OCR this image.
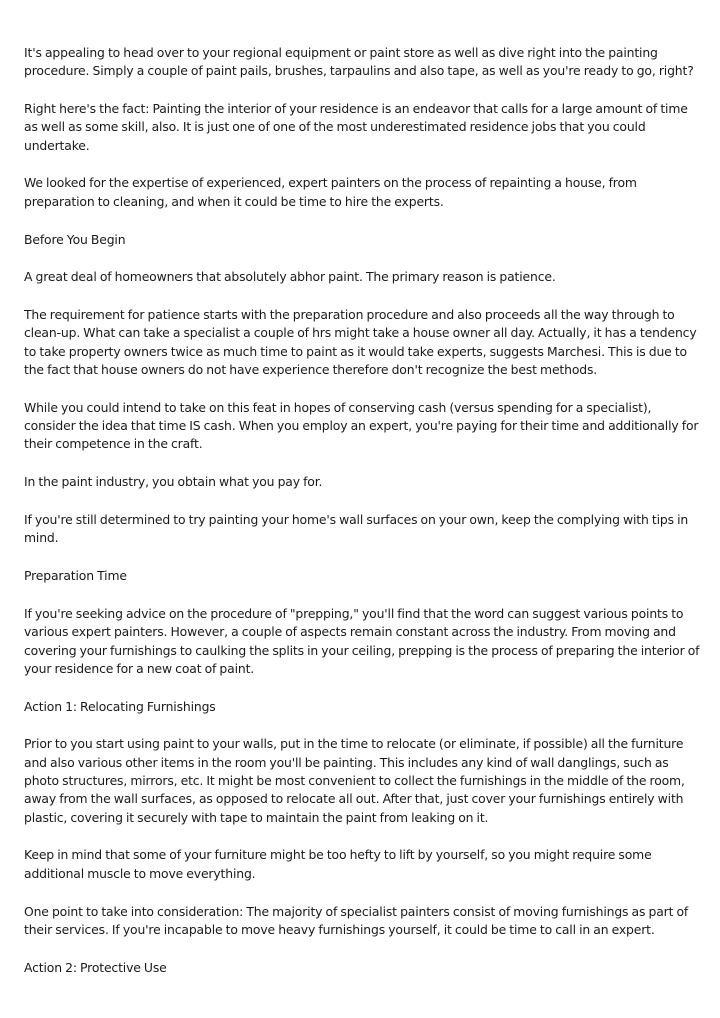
It's appealing to head over to your regional equipment or paint store as well as dive right into the painting procedure. Simply a couple of paint pails, brushes, tarpaulins and also tape, as well as you're ready to go, right?

Right here's the fact: Painting the interior of your residence is an endeavor that calls for a large amount of time as well as some skill, also. It is just one of one of the most underestimated residence jobs that you could undertake.

We looked for the expertise of experienced, expert painters on the process of repainting a house, from preparation to cleaning, and when it could be time to hire the experts.

Before You Begin

A great deal of homeowners that absolutely abhor paint. The primary reason is patience.

The requirement for patience starts with the preparation procedure and also proceeds all the way through to clean-up. What can take a specialist a couple of hrs might take a house owner all day. Actually, it has a tendency to take property owners twice as much time to paint as it would take experts, suggests Marchesi. This is due to the fact that house owners do not have experience therefore don't recognize the best methods.

While you could intend to take on this feat in hopes of conserving cash (versus spending for a specialist), consider the idea that time IS cash. When you employ an expert, you're paying for their time and additionally for their competence in the craft.

In the paint industry, you obtain what you pay for.

If you're still determined to try painting your home's wall surfaces on your own, keep the complying with tips in mind.

Preparation Time

If you're seeking advice on the procedure of "prepping," you'll find that the word can suggest various points to various expert painters. However, a couple of aspects remain constant across the industry. From moving and covering your furnishings to caulking the splits in your ceiling, prepping is the process of preparing the interior of your residence for a new coat of paint.

Action 1: Relocating Furnishings

Prior to you start using paint to your walls, put in the time to relocate (or eliminate, if possible) all the furniture and also various other items in the room you'll be painting. This includes any kind of wall danglings, such as photo structures, mirrors, etc. It might be most convenient to collect the furnishings in the middle of the room, away from the wall surfaces, as opposed to relocate all out. After that, just cover your furnishings entirely with plastic, covering it securely with tape to maintain the paint from leaking on it.

Keep in mind that some of your furniture might be too hefty to lift by yourself, so you might require some additional muscle to move everything.

One point to take into consideration: The majority of specialist painters consist of moving furnishings as part of their services. If you're incapable to move heavy furnishings yourself, it could be time to call in an expert.

Action 2: Protective Use
